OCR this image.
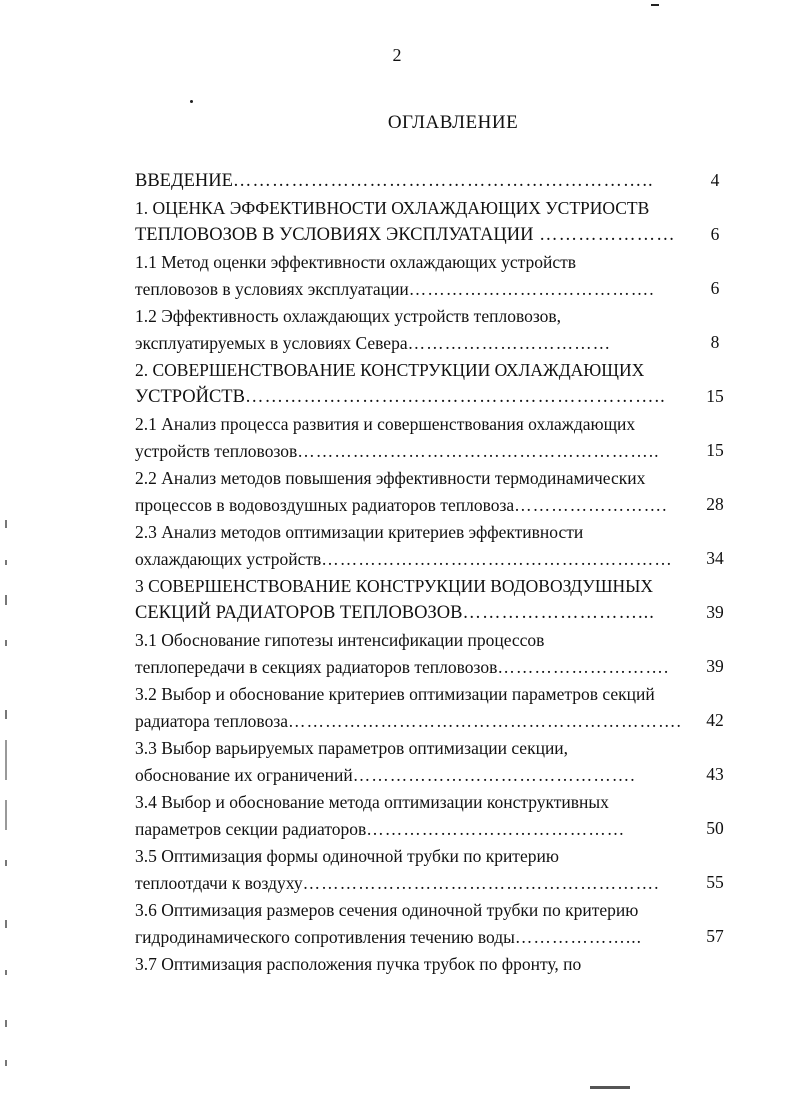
2
ОГЛАВЛЕНИЕ
ВВЕДЕНИЕ………………………………………………………..	4
1. ОЦЕНКА ЭФФЕКТИВНОСТИ ОХЛАЖДАЮЩИХ УСТРИОСТВ
ТЕПЛОВОЗОВ В УСЛОВИЯХ ЭКСПЛУАТАЦИИ …………………	6
1.1 Метод оценки эффективности охлаждающих устройств
тепловозов в условиях эксплуатации………………………………….	6
1.2 Эффективность охлаждающих устройств тепловозов,
эксплуатируемых в условиях Севера……………………………	8
2. СОВЕРШЕНСТВОВАНИЕ КОНСТРУКЦИИ ОХЛАЖДАЮЩИХ
УСТРОЙСТВ………………………………………………………..	15
2.1 Анализ процесса развития и совершенствования охлаждающих
устройств тепловозов…………………………………………………..	15
2.2 Анализ методов повышения эффективности термодинамических
процессов в водовоздушных радиаторов тепловоза…………………….	28
2.3 Анализ методов оптимизации критериев эффективности
охлаждающих устройств…………………………………………………	34
3 СОВЕРШЕНСТВОВАНИЕ КОНСТРУКЦИИ ВОДОВОЗДУШНЫХ
СЕКЦИЙ РАДИАТОРОВ ТЕПЛОВОЗОВ………………………...	39
3.1 Обоснование гипотезы интенсификации процессов
теплопередачи в секциях радиаторов тепловозов……………………….	39
3.2 Выбор и обоснование критериев оптимизации параметров секций
радиатора тепловоза……………………………………………………….	42
3.3 Выбор варьируемых параметров оптимизации секции,
обоснование их ограничений……………………………………….	43
3.4 Выбор и обоснование метода оптимизации конструктивных
параметров секции радиаторов……………………………………	50
3.5 Оптимизация формы одиночной трубки по критерию
теплоотдачи к воздуху………………………………………………….	55
3.6 Оптимизация размеров сечения одиночной трубки по критерию
гидродинамического сопротивления течению воды………………...	57
3.7 Оптимизация расположения пучка трубок по фронту, по
